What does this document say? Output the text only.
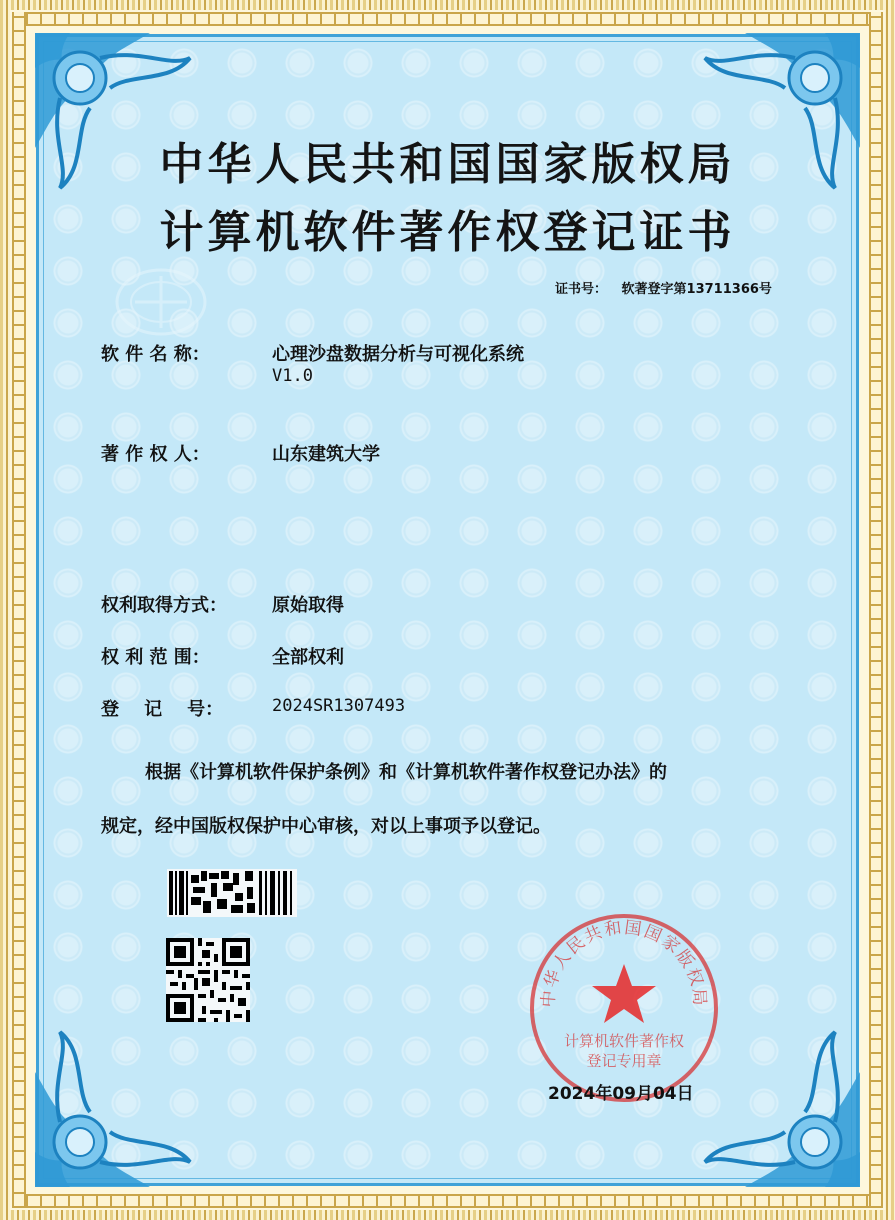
中华人民共和国国家版权局
计算机软件著作权登记证书
证书号： 软著登字第13711366号
软 件 名 称：	心理沙盘数据分析与可视化系统
V1.0
著 作 权 人：	山东建筑大学
权利取得方式：	原始取得
权 利 范 围：	全部权利
登    记    号：	2024SR1307493
根据《计算机软件保护条例》和《计算机软件著作权登记办法》的
规定，经中国版权保护中心审核，对以上事项予以登记。
中华人民共和国国家版权局
计算机软件著作权
登记专用章
2024年09月04日
